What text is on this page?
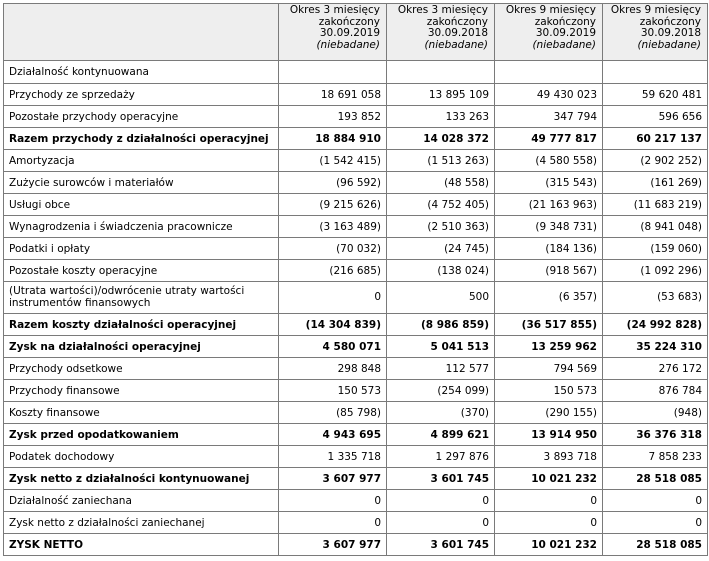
	Okres 3 miesięcy
zakończony
30.09.2019
(niebadane)	Okres 3 miesięcy
zakończony
30.09.2018
(niebadane)	Okres 9 miesięcy
zakończony
30.09.2019
(niebadane)	Okres 9 miesięcy
zakończony
30.09.2018
(niebadane)
Działalność kontynuowana				
Przychody ze sprzedaży	18 691 058	13 895 109	49 430 023	59 620 481
Pozostałe przychody operacyjne	193 852	133 263	347 794	596 656
Razem przychody z działalności operacyjnej	18 884 910	14 028 372	49 777 817	60 217 137
Amortyzacja	(1 542 415)	(1 513 263)	(4 580 558)	(2 902 252)
Zużycie surowców i materiałów	(96 592)	(48 558)	(315 543)	(161 269)
Usługi obce	(9 215 626)	(4 752 405)	(21 163 963)	(11 683 219)
Wynagrodzenia i świadczenia pracownicze	(3 163 489)	(2 510 363)	(9 348 731)	(8 941 048)
Podatki i opłaty	(70 032)	(24 745)	(184 136)	(159 060)
Pozostałe koszty operacyjne	(216 685)	(138 024)	(918 567)	(1 092 296)
(Utrata wartości)/odwrócenie utraty wartości instrumentów finansowych	0	500	(6 357)	(53 683)
Razem koszty działalności operacyjnej	(14 304 839)	(8 986 859)	(36 517 855)	(24 992 828)
Zysk na działalności operacyjnej	4 580 071	5 041 513	13 259 962	35 224 310
Przychody odsetkowe	298 848	112 577	794 569	276 172
Przychody finansowe	150 573	(254 099)	150 573	876 784
Koszty finansowe	(85 798)	(370)	(290 155)	(948)
Zysk przed opodatkowaniem	4 943 695	4 899 621	13 914 950	36 376 318
Podatek dochodowy	1 335 718	1 297 876	3 893 718	7 858 233
Zysk netto z działalności kontynuowanej	3 607 977	3 601 745	10 021 232	28 518 085
Działalność zaniechana	0	0	0	0
Zysk netto z działalności zaniechanej	0	0	0	0
ZYSK NETTO	3 607 977	3 601 745	10 021 232	28 518 085
